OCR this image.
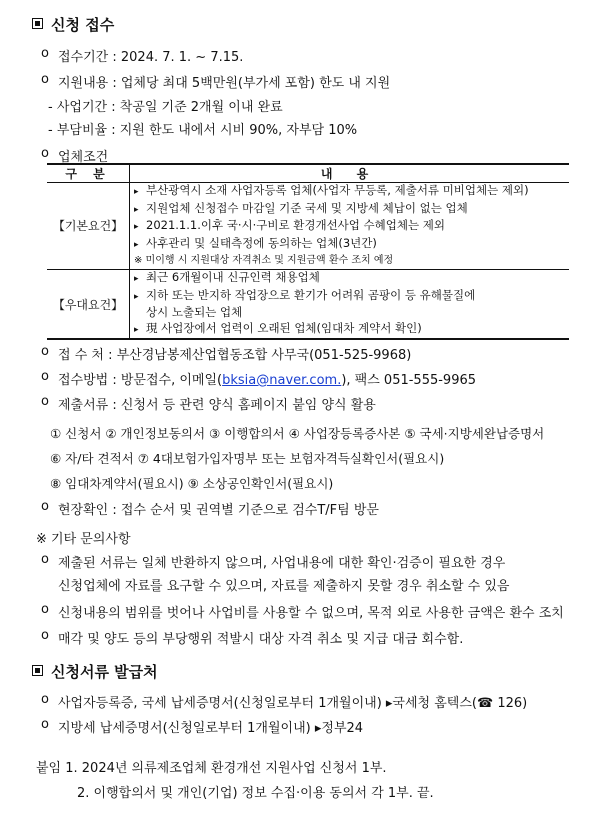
신청 접수
o 접수기간 : 2024. 7. 1. ~ 7.15.
o 지원내용 : 업체당 최대 5백만원(부가세 포함) 한도 내 지원
- 사업기간 : 착공일 기준 2개월 이내 완료
- 부담비율 : 지원 한도 내에서 시비 90%, 자부담 10%
o 업체조건
구 분	내 용
【기본요건】	▸ 부산광역시 소재 사업자등록 업체(사업자 무등록, 제출서류 미비업체는 제외)
▸ 지원업체 신청접수 마감일 기준 국세 및 지방세 체납이 없는 업체
▸ 2021.1.1.이후 국·시·구비로 환경개선사업 수혜업체는 제외
▸ 사후관리 및 실태측정에 동의하는 업체(3년간)
※ 미이행 시 지원대상 자격취소 및 지원금액 환수 조치 예정

【우대요건】	▸ 최근 6개월이내 신규인력 채용업체
▸ 지하 또는 반지하 작업장으로 환기가 어려워 곰팡이 등 유해물질에
상시 노출되는 업체
▸ 現 사업장에서 업력이 오래된 업체(임대차 계약서 확인)
o 접 수 처 : 부산경남봉제산업협동조합 사무국(051-525-9968)
o 접수방법 : 방문접수, 이메일(bksia@naver.com.), 팩스 051-555-9965
o 제출서류 : 신청서 등 관련 양식 홈페이지 붙임 양식 활용
① 신청서 ② 개인정보동의서 ③ 이행합의서 ④ 사업장등록증사본 ⑤ 국세·지방세완납증명서
⑥ 자/타 견적서 ⑦ 4대보험가입자명부 또는 보험자격득실확인서(필요시)
⑧ 임대차계약서(필요시) ⑨ 소상공인확인서(필요시)
o 현장확인 : 접수 순서 및 권역별 기준으로 검수T/F팀 방문
※ 기타 문의사항
o 제출된 서류는 일체 반환하지 않으며, 사업내용에 대한 확인·검증이 필요한 경우
신청업체에 자료를 요구할 수 있으며, 자료를 제출하지 못할 경우 취소할 수 있음
o 신청내용의 범위를 벗어나 사업비를 사용할 수 없으며, 목적 외로 사용한 금액은 환수 조치
o 매각 및 양도 등의 부당행위 적발시 대상 자격 취소 및 지급 대금 회수함.
신청서류 발급처
o 사업자등록증, 국세 납세증명서(신청일로부터 1개월이내) ▸국세청 홈텍스(☎ 126)
o 지방세 납세증명서(신청일로부터 1개월이내) ▸정부24
붙임 1. 2024년 의류제조업체 환경개선 지원사업 신청서 1부.
2. 이행합의서 및 개인(기업) 정보 수집·이용 동의서 각 1부. 끝.
